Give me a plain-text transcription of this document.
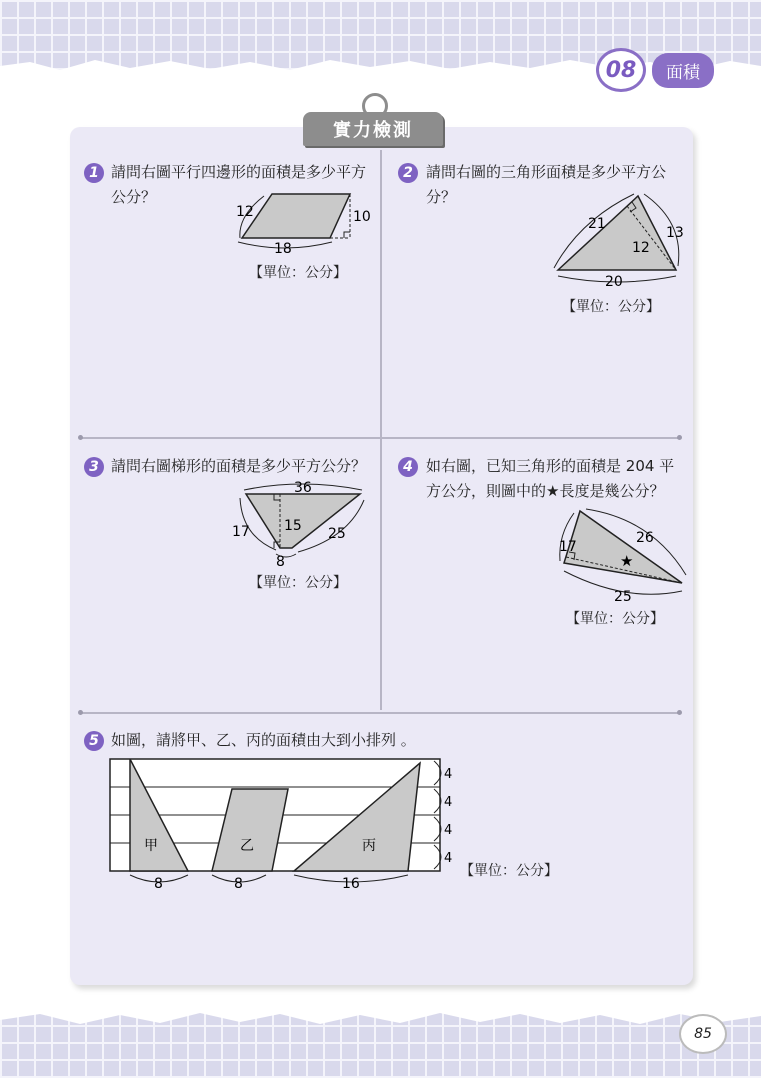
08	面積
實力檢測
1 請問右圖平行四邊形的面積是多少平方公分？
12	10
18
【單位：公分】
2 請問右圖的三角形面積是多少平方公分？
21
13
12
20
【單位：公分】
3 請問右圖梯形的面積是多少平方公分？
36
17 15 25
8
【單位：公分】
4 如右圖，已知三角形的面積是 204 平方公分，則圖中的★長度是幾公分？
26
17
★
25
【單位：公分】
5 如圖，請將甲、乙、丙的面積由大到小排列 。
甲	乙	丙
8	8	16
4
4
4
4
【單位：公分】
85
